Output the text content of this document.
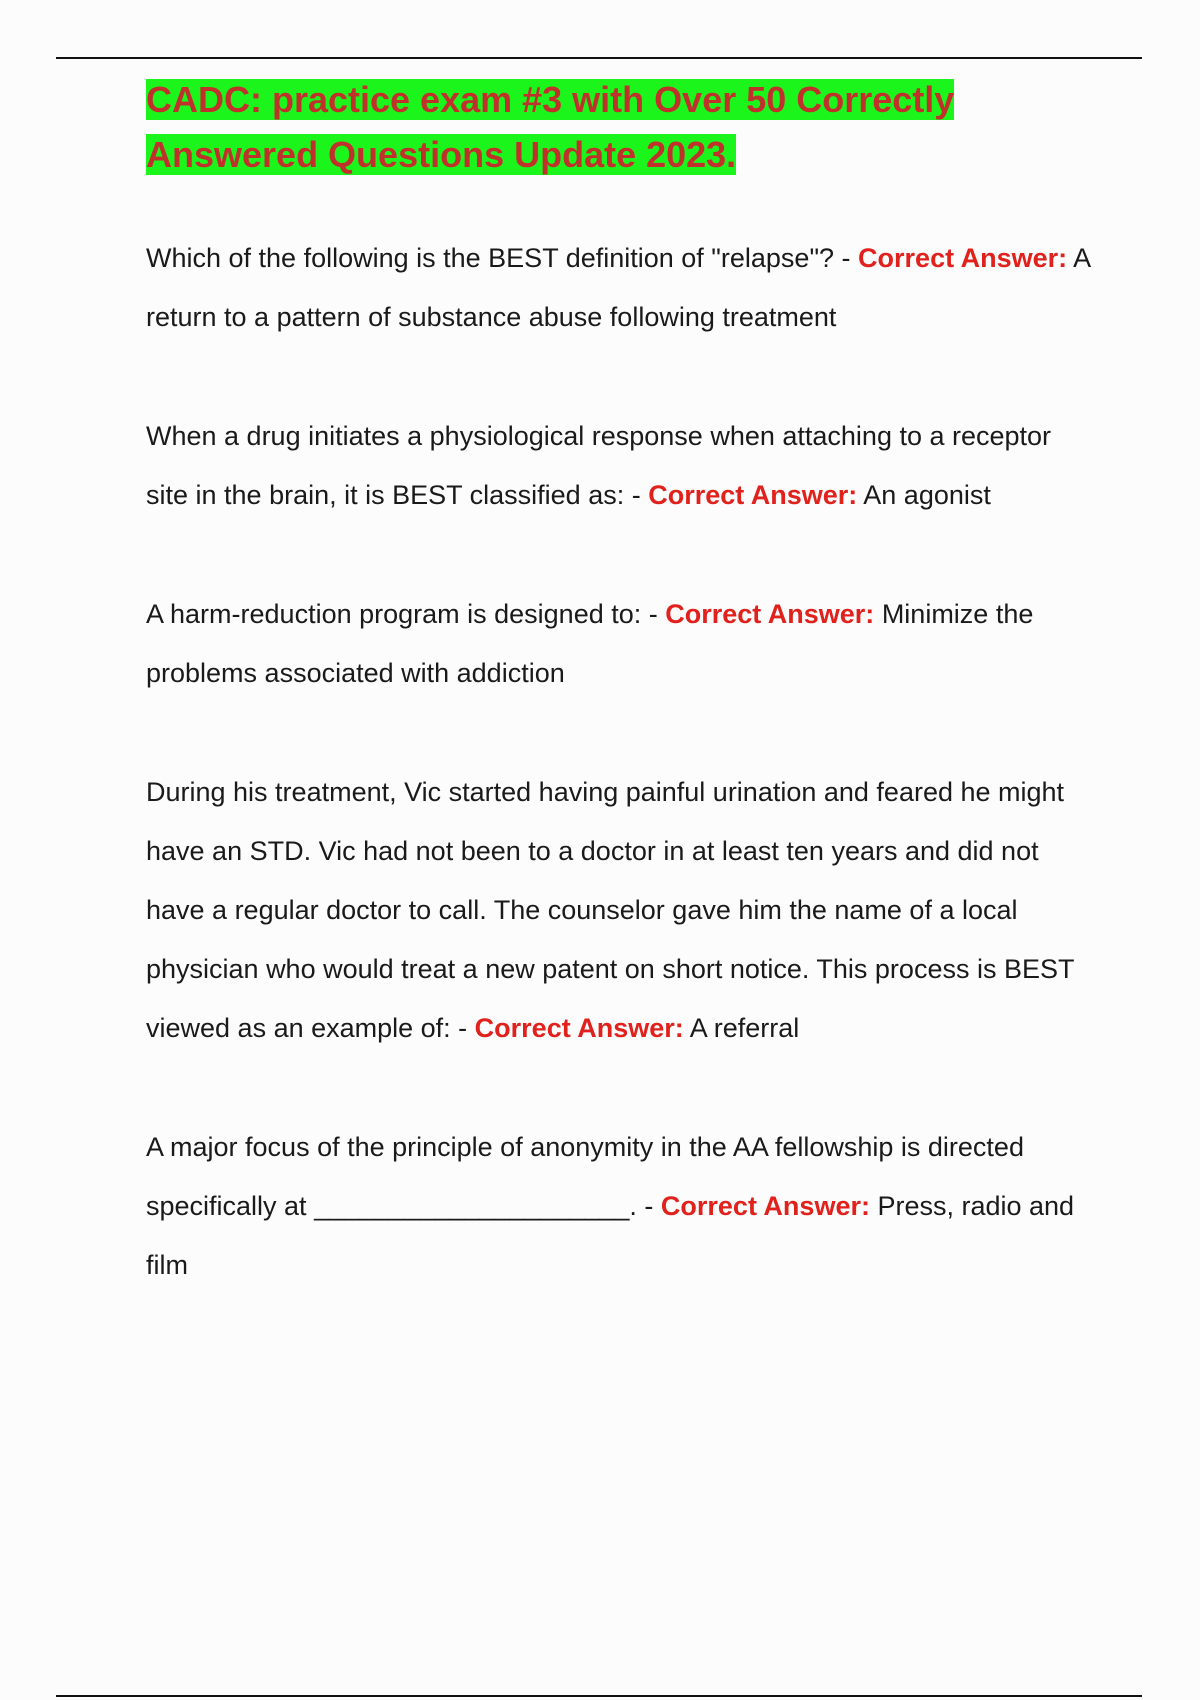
CADC: practice exam #3 with Over 50 Correctly Answered Questions Update 2023.

Which of the following is the BEST definition of "relapse"? - Correct Answer: A return to a pattern of substance abuse following treatment

When a drug initiates a physiological response when attaching to a receptor site in the brain, it is BEST classified as: - Correct Answer: An agonist

A harm-reduction program is designed to: - Correct Answer: Minimize the problems associated with addiction

During his treatment, Vic started having painful urination and feared he might have an STD. Vic had not been to a doctor in at least ten years and did not have a regular doctor to call. The counselor gave him the name of a local physician who would treat a new patent on short notice. This process is BEST viewed as an example of: - Correct Answer: A referral

A major focus of the principle of anonymity in the AA fellowship is directed specifically at _____________________. - Correct Answer: Press, radio and film
